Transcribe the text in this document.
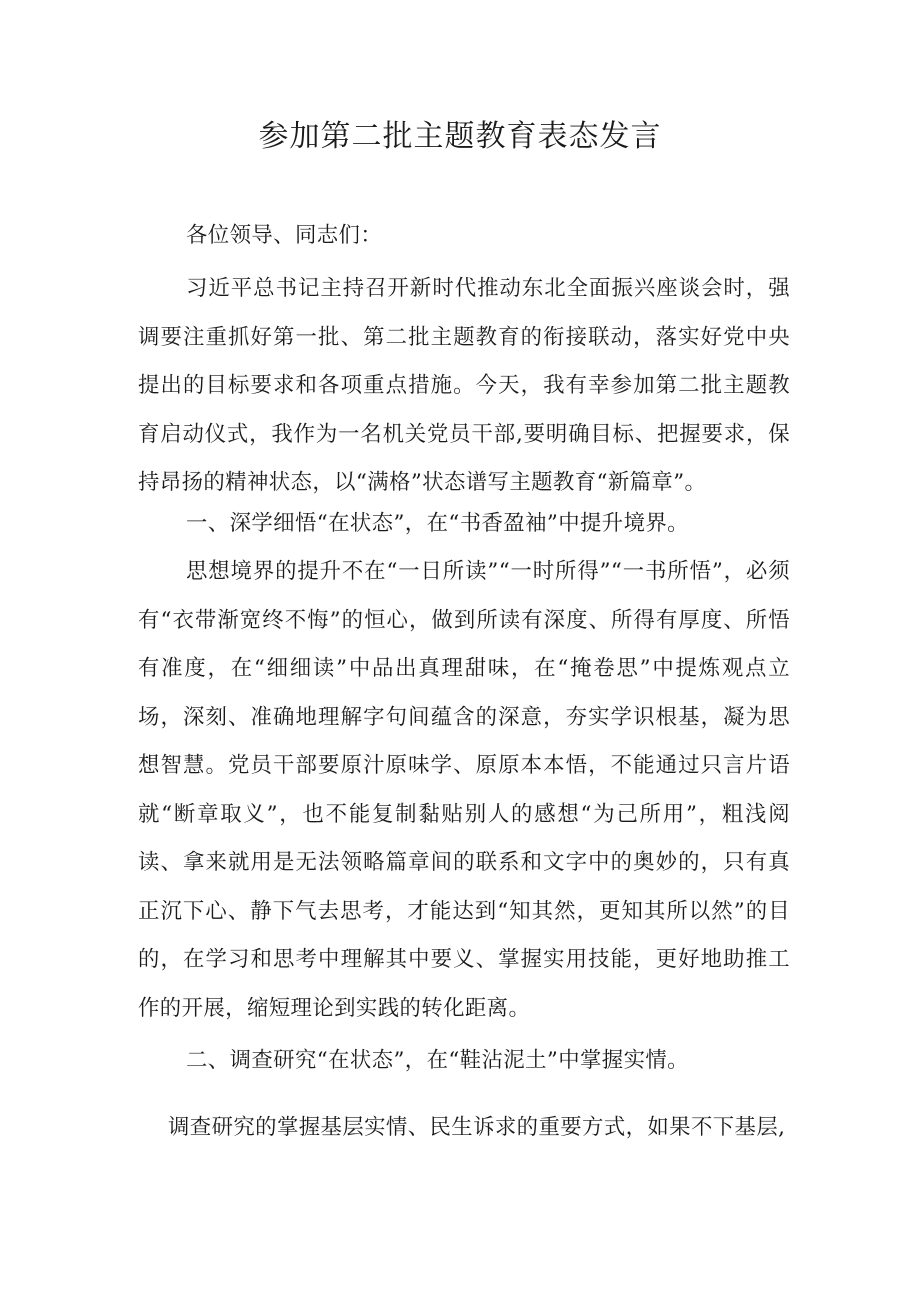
参加第二批主题教育表态发言

各位领导、同志们：

习近平总书记主持召开新时代推动东北全面振兴座谈会时，强调要注重抓好第一批、第二批主题教育的衔接联动，落实好党中央提出的目标要求和各项重点措施。今天，我有幸参加第二批主题教育启动仪式，我作为一名机关党员干部,要明确目标、把握要求，保持昂扬的精神状态，以“满格”状态谱写主题教育“新篇章”。

一、深学细悟“在状态”，在“书香盈袖”中提升境界。

思想境界的提升不在“一日所读”“一时所得”“一书所悟”，必须有“衣带渐宽终不悔”的恒心，做到所读有深度、所得有厚度、所悟有准度，在“细细读”中品出真理甜味，在“掩卷思”中提炼观点立场，深刻、准确地理解字句间蕴含的深意，夯实学识根基，凝为思想智慧。党员干部要原汁原味学、原原本本悟，不能通过只言片语就“断章取义”，也不能复制黏贴别人的感想“为己所用”，粗浅阅读、拿来就用是无法领略篇章间的联系和文字中的奥妙的，只有真正沉下心、静下气去思考，才能达到“知其然，更知其所以然”的目的，在学习和思考中理解其中要义、掌握实用技能，更好地助推工作的开展，缩短理论到实践的转化距离。

二、调查研究“在状态”，在“鞋沾泥土”中掌握实情。

调查研究的掌握基层实情、民生诉求的重要方式，如果不下基层,
